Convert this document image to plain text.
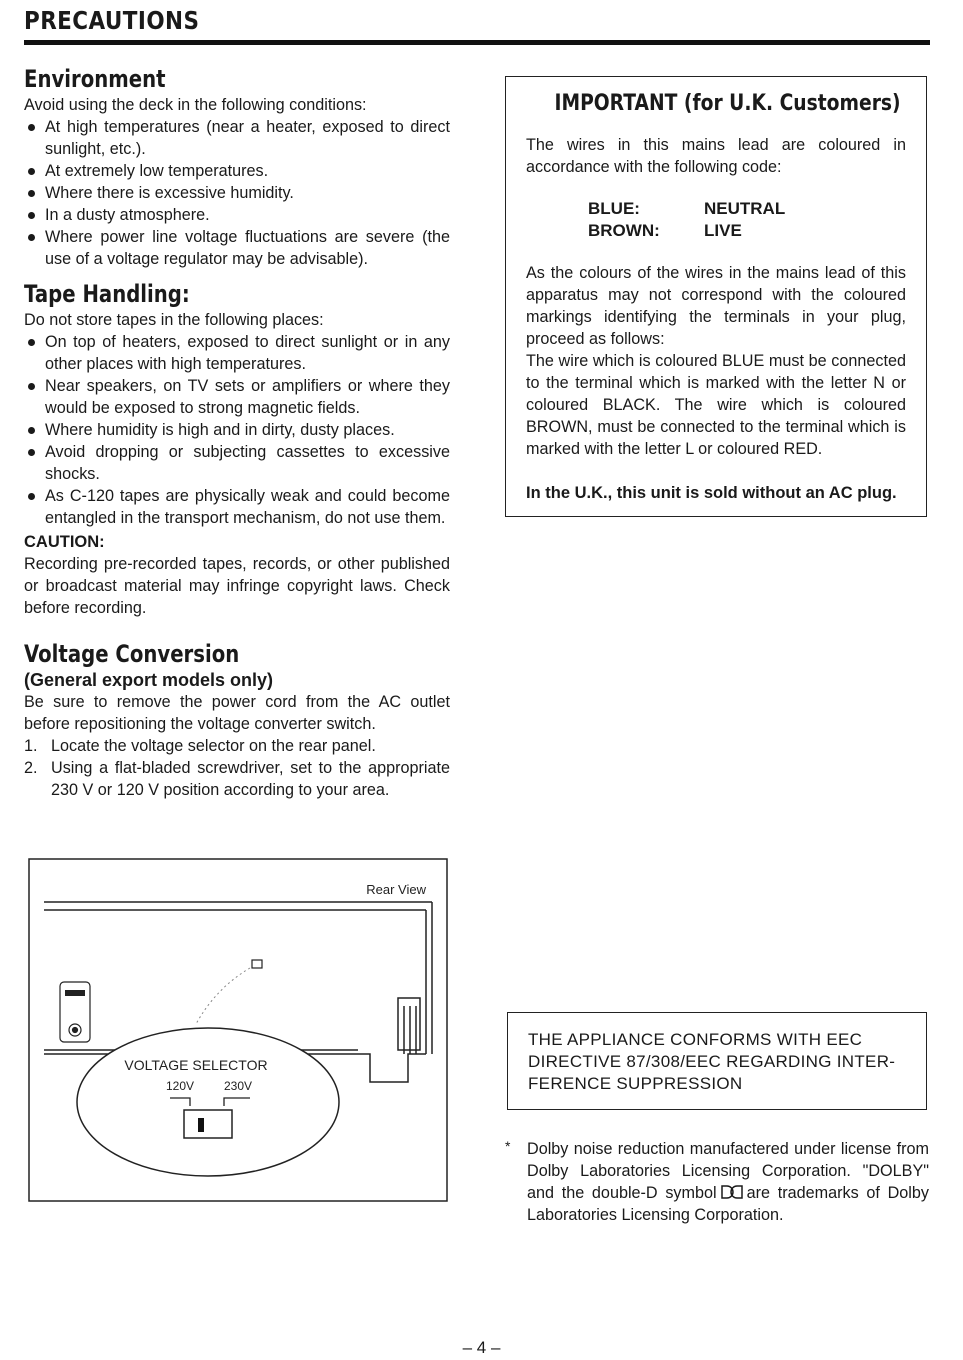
PRECAUTIONS
Environment

Avoid using the deck in the following conditions:

At high temperatures (near a heater, exposed to direct sunlight, etc.).
At extremely low temperatures.
Where there is excessive humidity.
In a dusty atmosphere.
Where power line voltage fluctuations are severe (the use of a voltage regulator may be advisable).
Tape Handling:

Do not store tapes in the following places:

On top of heaters, exposed to direct sunlight or in any other places with high temperatures.
Near speakers, on TV sets or amplifiers or where they would be exposed to strong magnetic fields.
Where humidity is high and in dirty, dusty places.
Avoid dropping or subjecting cassettes to excessive shocks.
As C-120 tapes are physically weak and could become entangled in the transport mechanism, do not use them.

CAUTION:

Recording pre-recorded tapes, records, or other published or broadcast material may infringe copyright laws. Check before recording.

Voltage Conversion

(General export models only)

Be sure to remove the power cord from the AC outlet before repositioning the voltage converter switch.

1. Locate the voltage selector on the rear panel.
2. Using a flat-bladed screwdriver, set to the appropriate 230 V or 120 V position according to your area.
Rear View
VOLTAGE SELECTOR
120V 230V
IMPORTANT (for U.K. Customers)

The wires in this mains lead are coloured in accordance with the following code:

BLUE:	NEUTRAL
BROWN:	LIVE

As the colours of the wires in the mains lead of this apparatus may not correspond with the coloured markings identifying the terminals in your plug, proceed as follows:

The wire which is coloured BLUE must be connected to the terminal which is marked with the letter N or coloured BLACK. The wire which is coloured BROWN, must be connected to the terminal which is marked with the letter L or coloured RED.

In the U.K., this unit is sold without an AC plug.

THE APPLIANCE CONFORMS WITH EEC DIRECTIVE 87/308/EEC REGARDING INTER-FERENCE SUPPRESSION
*	Dolby noise reduction manufactered under license from Dolby Laboratories Licensing Corporation. "DOLBY" and the double-D symbol are trademarks of Dolby Laboratories Licensing Corporation.

– 4 –
